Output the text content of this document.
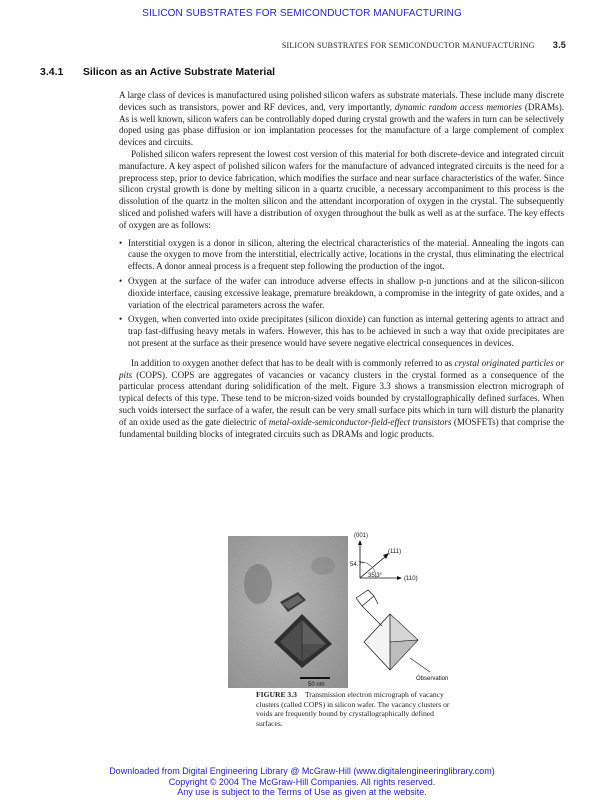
SILICON SUBSTRATES FOR SEMICONDUCTOR MANUFACTURING
SILICON SUBSTRATES FOR SEMICONDUCTOR MANUFACTURING 3.5
3.4.1 Silicon as an Active Substrate Material

A large class of devices is manufactured using polished silicon wafers as substrate materials. These include many discrete devices such as transistors, power and RF devices, and, very importantly, dynamic random access memories (DRAMs). As is well known, silicon wafers can be controllably doped during crystal growth and the wafers in turn can be selectively doped using gas phase diffusion or ion implantation processes for the manufacture of a large complement of complex devices and circuits.

Polished silicon wafers represent the lowest cost version of this material for both discrete-device and integrated circuit manufacture. A key aspect of polished silicon wafers for the manufacture of advanced integrated circuits is the need for a preprocess step, prior to device fabrication, which modifies the surface and near surface characteristics of the wafer. Since silicon crystal growth is done by melting silicon in a quartz crucible, a necessary accompaniment to this process is the dissolution of the quartz in the molten silicon and the attendant incorporation of oxygen in the crystal. The subsequently sliced and polished wafers will have a distribution of oxygen throughout the bulk as well as at the surface. The key effects of oxygen are as follows:

• Interstitial oxygen is a donor in silicon, altering the electrical characteristics of the material. Annealing the ingots can cause the oxygen to move from the interstitial, electrically active, locations in the crystal, thus eliminating the electrical effects. A donor anneal process is a frequent step following the production of the ingot.
• Oxygen at the surface of the wafer can introduce adverse effects in shallow p-n junctions and at the silicon-silicon dioxide interface, causing excessive leakage, premature breakdown, a compromise in the integrity of gate oxides, and a variation of the electrical parameters across the wafer.
• Oxygen, when converted into oxide precipitates (silicon dioxide) can function as internal gettering agents to attract and trap fast-diffusing heavy metals in wafers. However, this has to be achieved in such a way that oxide precipitates are not present at the surface as their presence would have severe negative electrical consequences in devices.

In addition to oxygen another defect that has to be dealt with is commonly referred to as crystal originated particles or pits (COPS). COPS are aggregates of vacancies or vacancy clusters in the crystal formed as a consequence of the particular process attendant during solidification of the melt. Figure 3.3 shows a transmission electron micrograph of typical defects of this type. These tend to be micron-sized voids bounded by crystallographically defined surfaces. When such voids intersect the surface of a wafer, the result can be very small surface pits which in turn will disturb the planarity of an oxide used as the gate dielectric of metal-oxide-semiconductor-field-effect transistors (MOSFETs) that comprise the fundamental building blocks of integrated circuits such as DRAMs and logic products.

50 nm
(001)
(111)
(110)
54.7°
35.3°
Observation
FIGURE 3.3 Transmission electron micrograph of vacancy clusters (called COPS) in silicon wafer. The vacancy clusters or voids are frequently bound by crystallographically defined surfaces.
Downloaded from Digital Engineering Library @ McGraw-Hill (www.digitalengineeringlibrary.com)
Copyright © 2004 The McGraw-Hill Companies. All rights reserved.
Any use is subject to the Terms of Use as given at the website.
